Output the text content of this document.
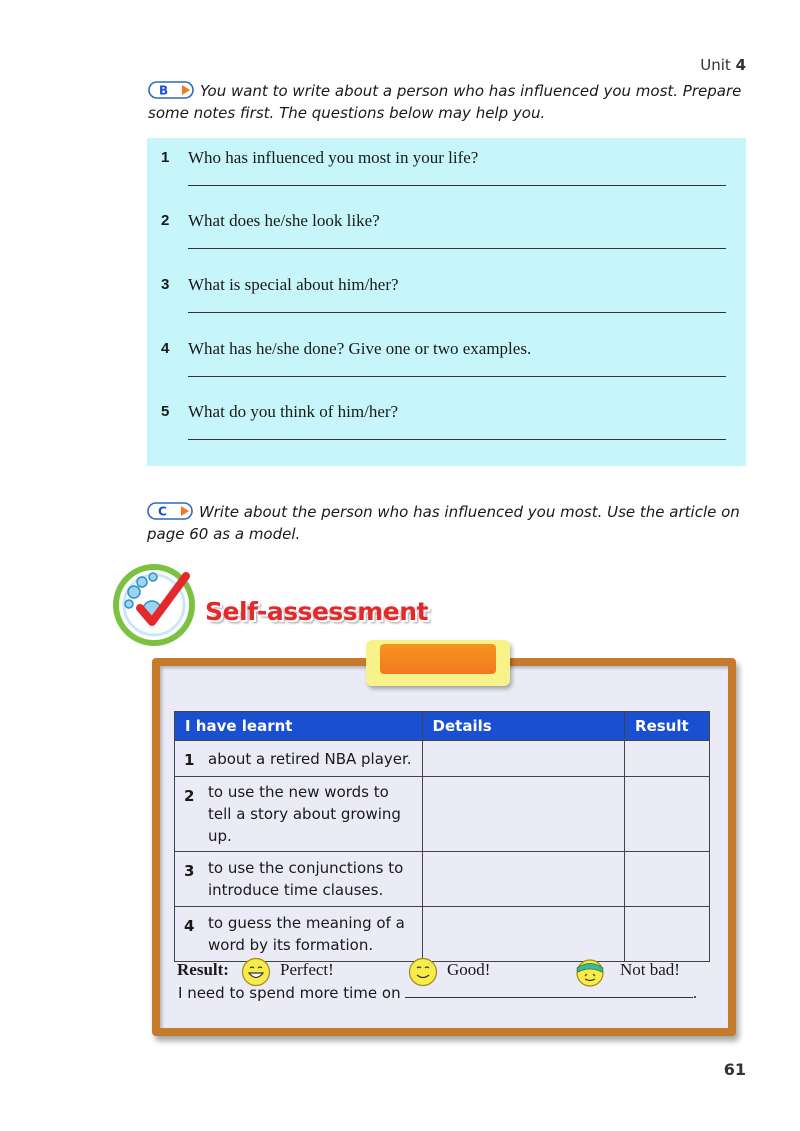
Unit 4
B You want to write about a person who has influenced you most. Prepare some notes first. The questions below may help you.
1 Who has influenced you most in your life?
2 What does he/she look like?
3 What is special about him/her?
4 What has he/she done? Give one or two examples.
5 What do you think of him/her?
C Write about the person who has influenced you most. Use the article on page 60 as a model.
Self-assessment
I have learnt	Details	Result

1 about a retired NBA player.		

2 to use the new words to tell a story about growing up.		

3 to use the conjunctions to introduce time clauses.		

4 to guess the meaning of a word by its formation.		

Result:	Perfect!	Good!	Not bad!
I need to spend more time on	.
61
